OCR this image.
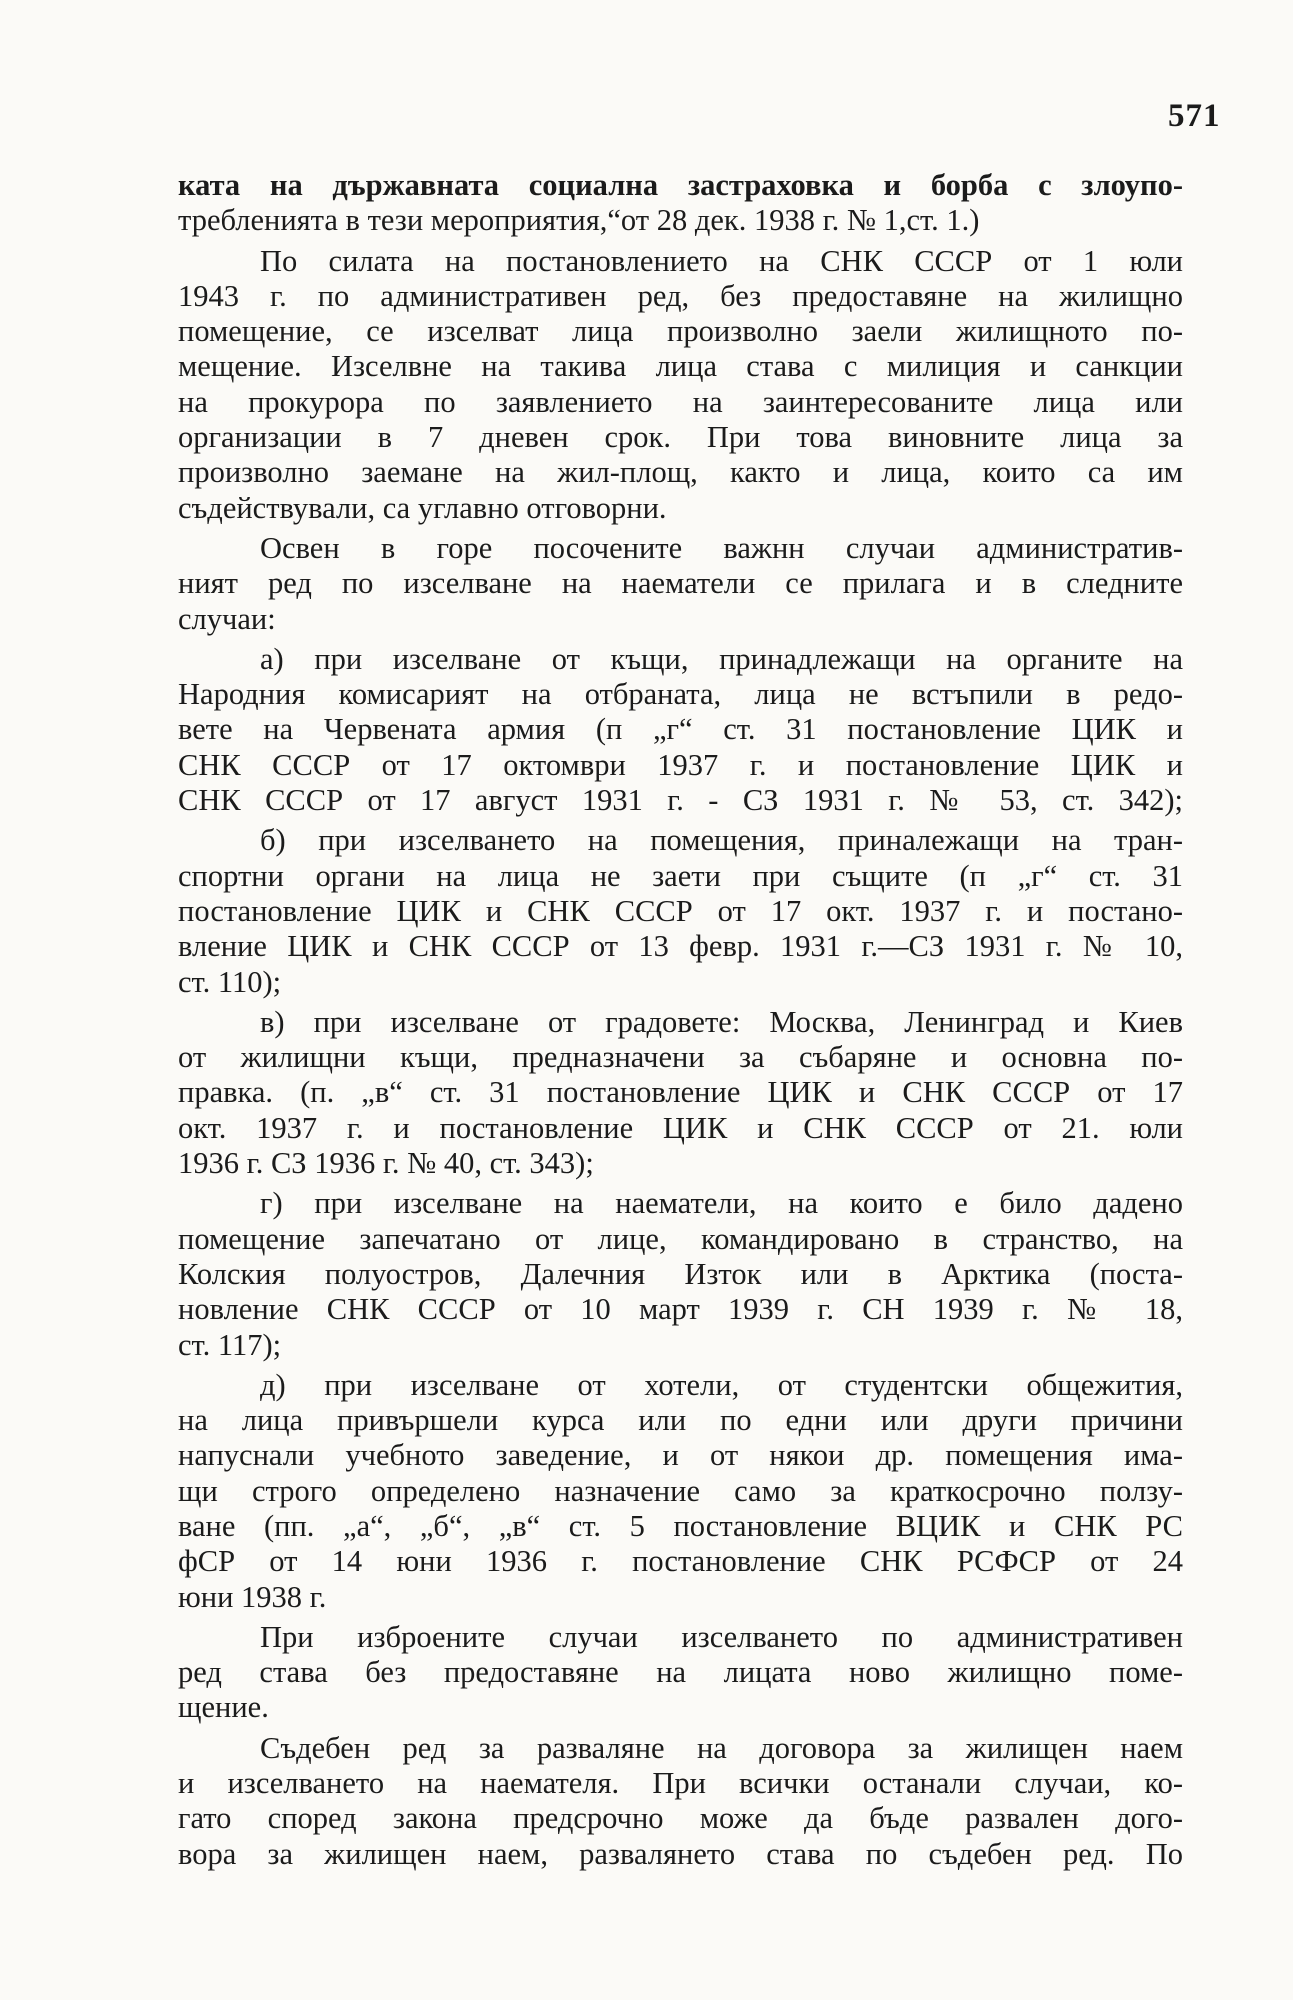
571
ката на държавната социална застраховка и борба с злоупо-
требленията в тези мероприятия,“от 28 дек. 1938 г. № 1,ст. 1.)
По силата на постановлението на СНК СССР от 1 юли
1943 г. по административен ред, без предоставяне на жилищно
помещение, се изселват лица произволно заели жилищното по-
мещение. Изселвне на такива лица става с милиция и санкции
на прокурора по заявлението на заинтересованите лица или
организации в 7 дневен срок. При това виновните лица за
произволно заемане на жил-площ, както и лица, които са им
съдействували, са углавно отговорни.
Освен в горе посочените важнн случаи административ-
ният ред по изселване на наематели се прилага и в следните
случаи:
а) при изселване от къщи, принадлежащи на органите на
Народния комисарият на отбраната, лица не встъпили в редо-
вете на Червената армия (п „г“ ст. 31 постановление ЦИК и
СНК СССР от 17 октомври 1937 г. и постановление ЦИК и
СНК СССР от 17 август 1931 г. - СЗ 1931 г. № 53, ст. 342);
б) при изселването на помещения, приналежащи на тран-
спортни органи на лица не заети при същите (п „г“ ст. 31
постановление ЦИК и СНК СССР от 17 окт. 1937 г. и постано-
вление ЦИК и СНК СССР от 13 февр. 1931 г.—СЗ 1931 г. № 10,
ст. 110);
в) при изселване от градовете: Москва, Ленинград и Киев
от жилищни къщи, предназначени за събаряне и основна по-
правка. (п. „в“ ст. 31 постановление ЦИК и СНК СССР от 17
окт. 1937 г. и постановление ЦИК и СНК СССР от 21. юли
1936 г. СЗ 1936 г. № 40, ст. 343);
г) при изселване на наематели, на които е било дадено
помещение запечатано от лице, командировано в странство, на
Колския полуостров, Далечния Изток или в Арктика (поста-
новление СНК СССР от 10 март 1939 г. СН 1939 г. № 18,
ст. 117);
д) при изселване от хотели, от студентски общежития,
на лица привършели курса или по едни или други причини
напуснали учебното заведение, и от някои др. помещения има-
щи строго определено назначение само за краткосрочно ползу-
ване (пп. „а“, „б“, „в“ ст. 5 постановление ВЦИК и СНК РС
фСР от 14 юни 1936 г. постановление СНК РСФСР от 24
юни 1938 г.
При изброените случаи изселването по административен
ред става без предоставяне на лицата ново жилищно поме-
щение.
Съдебен ред за разваляне на договора за жилищен наем
и изселването на наемателя. При всички останали случаи, ко-
гато според закона предсрочно може да бъде развален дого-
вора за жилищен наем, развалянето става по съдебен ред. По
